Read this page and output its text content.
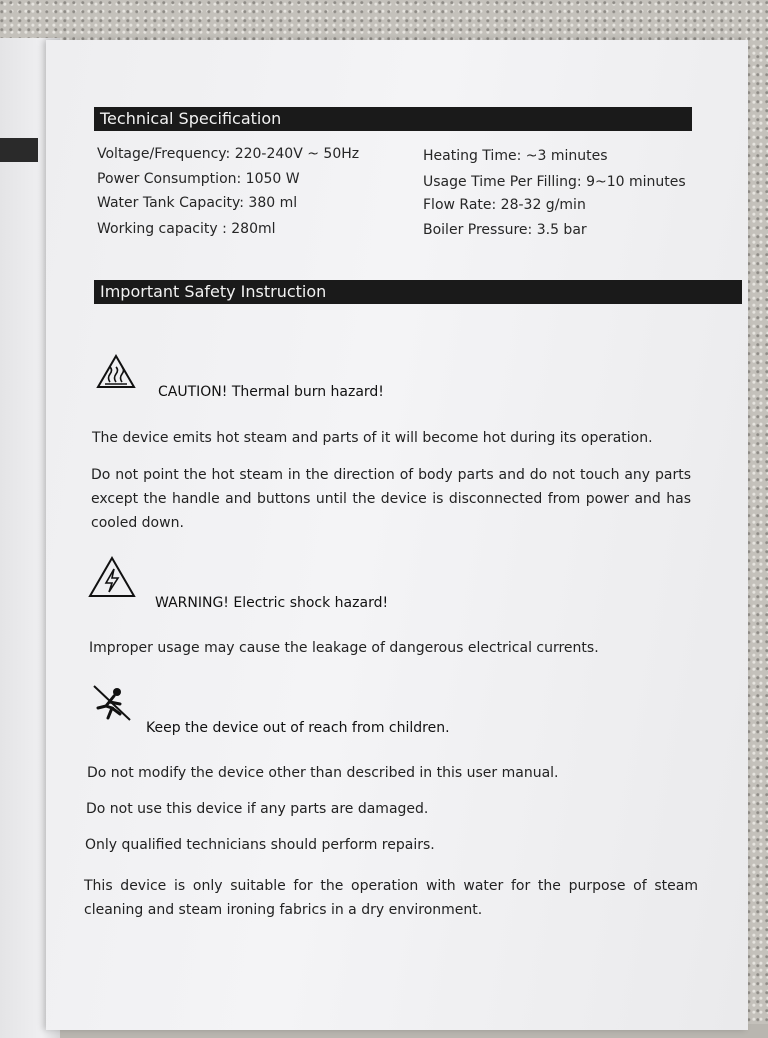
Technical Specification
Voltage/Frequency: 220-240V ~ 50Hz
Power Consumption: 1050 W
Water Tank Capacity: 380 ml
Working capacity : 280ml
Heating Time: ~3 minutes
Usage Time Per Filling: 9~10 minutes
Flow Rate: 28-32 g/min
Boiler Pressure: 3.5 bar
Important Safety Instruction
CAUTION! Thermal burn hazard!
The device emits hot steam and parts of it will become hot during its operation.
Do not point the hot steam in the direction of body parts and do not touch any parts except the handle and buttons until the device is disconnected from power and has cooled down.
WARNING! Electric shock hazard!
Improper usage may cause the leakage of dangerous electrical currents.
Keep the device out of reach from children.
Do not modify the device other than described in this user manual.
Do not use this device if any parts are damaged.
Only qualified technicians should perform repairs.
This device is only suitable for the operation with water for the purpose of steam cleaning and steam ironing fabrics in a dry environment.
